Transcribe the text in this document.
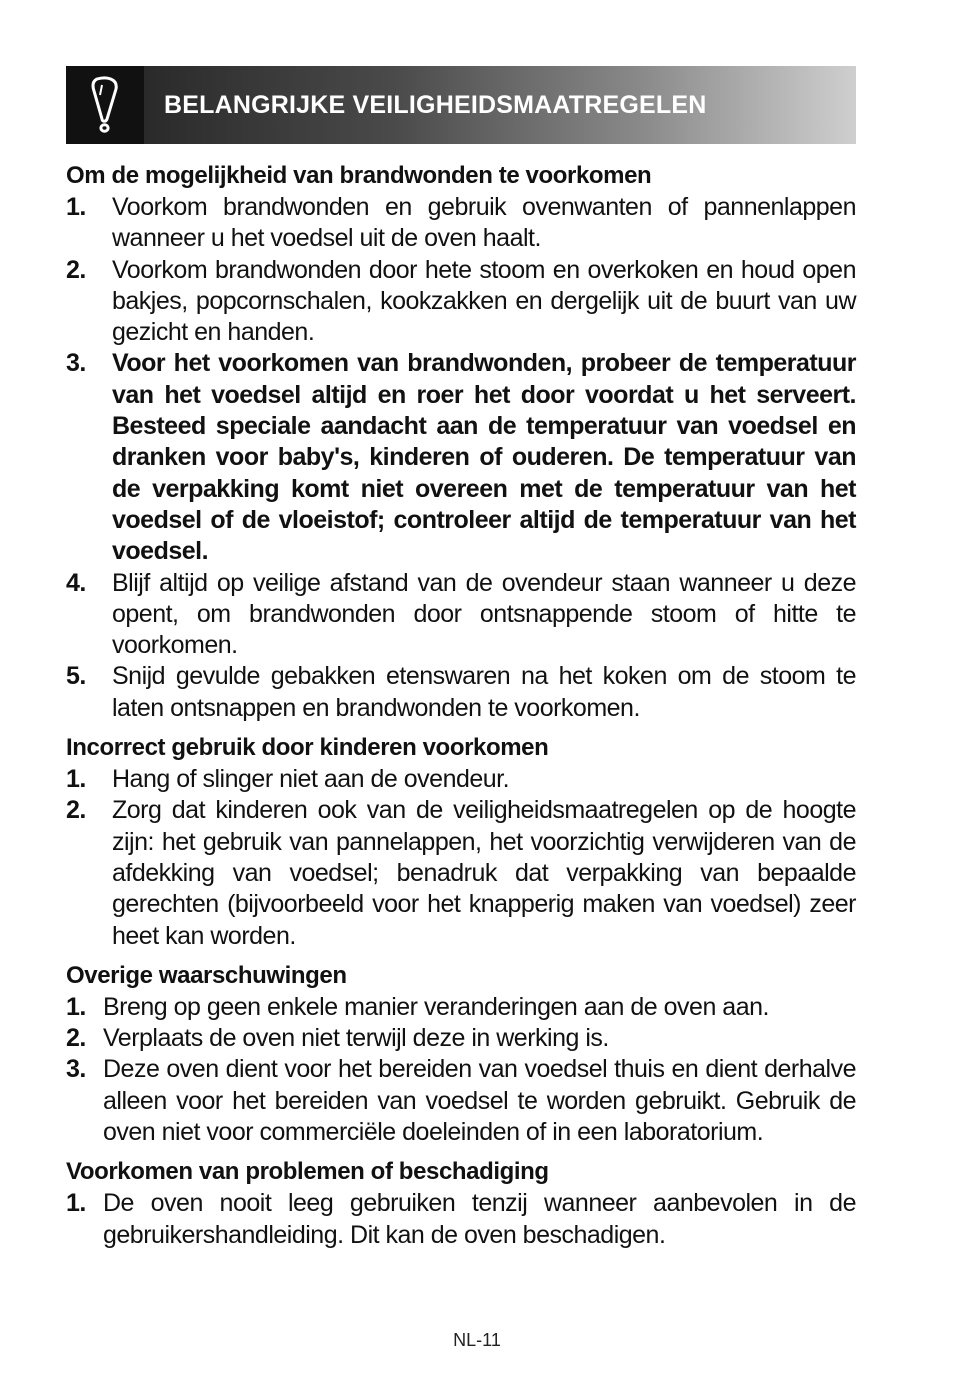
BELANGRIJKE VEILIGHEIDSMAATREGELEN

Om de mogelijkheid van brandwonden te voorkomen

1. Voorkom brandwonden en gebruik ovenwanten of pannenlappen wanneer u het voedsel uit de oven haalt.
2. Voorkom brandwonden door hete stoom en overkoken en houd open bakjes, popcornschalen, kookzakken en dergelijk uit de buurt van uw gezicht en handen.
3. Voor het voorkomen van brandwonden, probeer de temperatuur van het voedsel altijd en roer het door voordat u het serveert. Besteed speciale aandacht aan de temperatuur van voedsel en dranken voor baby's, kinderen of ouderen. De temperatuur van de verpakking komt niet overeen met de temperatuur van het voedsel of de vloeistof; controleer altijd de temperatuur van het voedsel.
4. Blijf altijd op veilige afstand van de ovendeur staan wanneer u deze opent, om brandwonden door ontsnappende stoom of hitte te voorkomen.
5. Snijd gevulde gebakken etenswaren na het koken om de stoom te laten ontsnappen en brandwonden te voorkomen.

Incorrect gebruik door kinderen voorkomen

1. Hang of slinger niet aan de ovendeur.
2. Zorg dat kinderen ook van de veiligheidsmaatregelen op de hoogte zijn: het gebruik van pannelappen, het voorzichtig verwijderen van de afdekking van voedsel; benadruk dat verpakking van bepaalde gerechten (bijvoorbeeld voor het knapperig maken van voedsel) zeer heet kan worden.

Overige waarschuwingen

1. Breng op geen enkele manier veranderingen aan de oven aan.
2. Verplaats de oven niet terwijl deze in werking is.
3. Deze oven dient voor het bereiden van voedsel thuis en dient derhalve alleen voor het bereiden van voedsel te worden gebruikt. Gebruik de oven niet voor commerciële doeleinden of in een laboratorium.

Voorkomen van problemen of beschadiging

1. De oven nooit leeg gebruiken tenzij wanneer aanbevolen in de gebruikershandleiding. Dit kan de oven beschadigen.
NL-11
